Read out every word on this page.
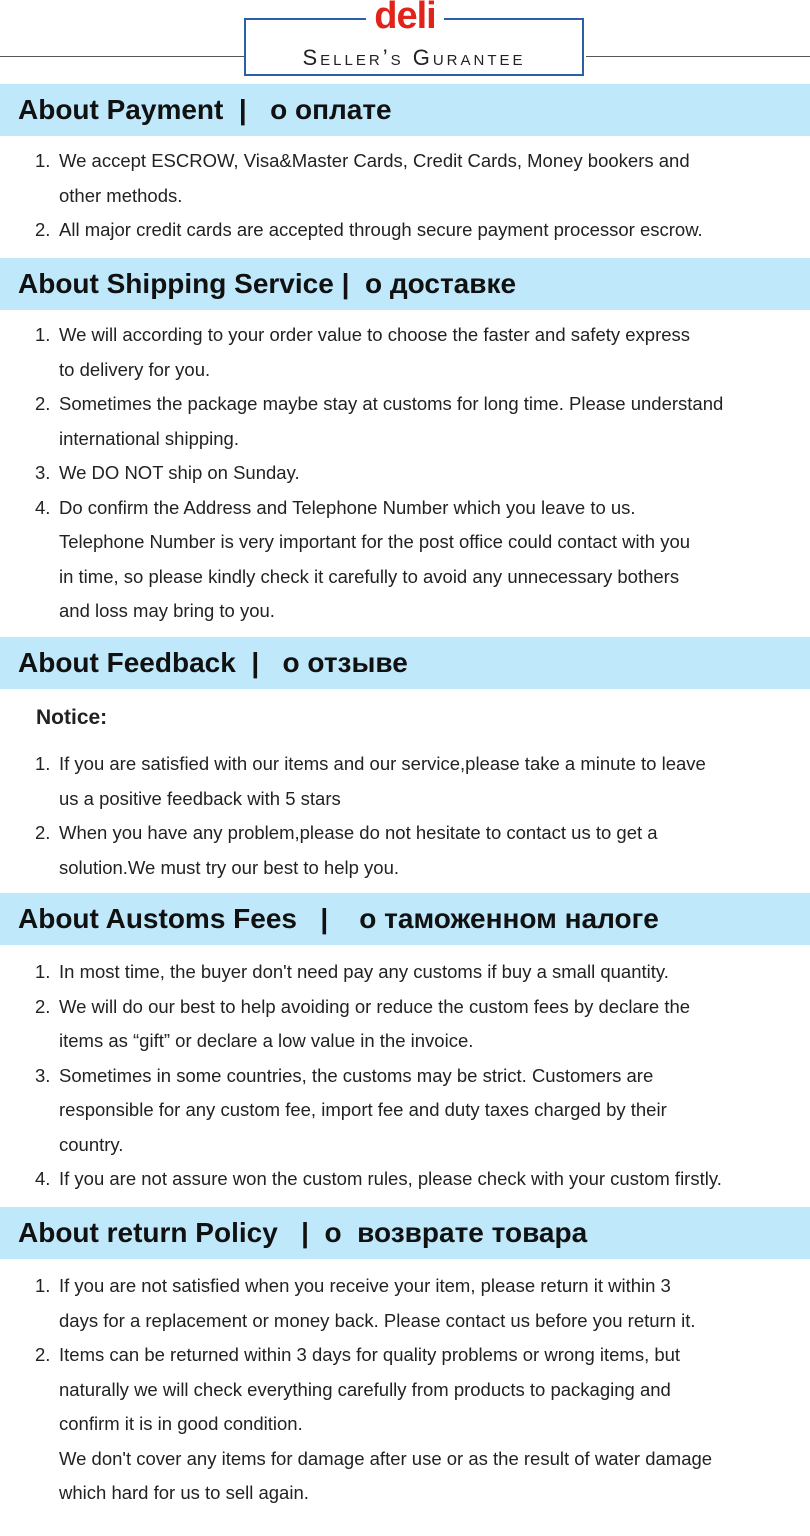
deli
Seller’s Gurantee
About Payment  |   о оплате
1. We accept ESCROW, Visa&Master Cards, Credit Cards, Money bookers and
other methods.
2. All major credit cards are accepted through secure payment processor escrow.
About Shipping Service |  о доставке
1. We will according to your order value to choose the faster and safety express
to delivery for you.
2. Sometimes the package maybe stay at customs for long time. Please understand
international shipping.
3. We DO NOT ship on Sunday.
4. Do confirm the Address and Telephone Number which you leave to us.
Telephone Number is very important for the post office could contact with you
in time, so please kindly check it carefully to avoid any unnecessary bothers
and loss may bring to you.
About Feedback  |   о отзыве
Notice:
1. If you are satisfied with our items and our service,please take a minute to leave
us a positive feedback with 5 stars
2. When you have any problem,please do not hesitate to contact us to get a
solution.We must try our best to help you.
About Austoms Fees   |    о таможенном налоге
1. In most time, the buyer don't need pay any customs if buy a small quantity.
2. We will do our best to help avoiding or reduce the custom fees by declare the
items as “gift” or declare a low value in the invoice.
3. Sometimes in some countries, the customs may be strict. Customers are
responsible for any custom fee, import fee and duty taxes charged by their
country.
4. If you are not assure won the custom rules, please check with your custom firstly.
About return Policy   |  о  возврате товара
1. If you are not satisfied when you receive your item, please return it within 3
days for a replacement or money back. Please contact us before you return it.
2. Items can be returned within 3 days for quality problems or wrong items, but
naturally we will check everything carefully from products to packaging and
confirm it is in good condition.
We don't cover any items for damage after use or as the result of water damage
which hard for us to sell again.
